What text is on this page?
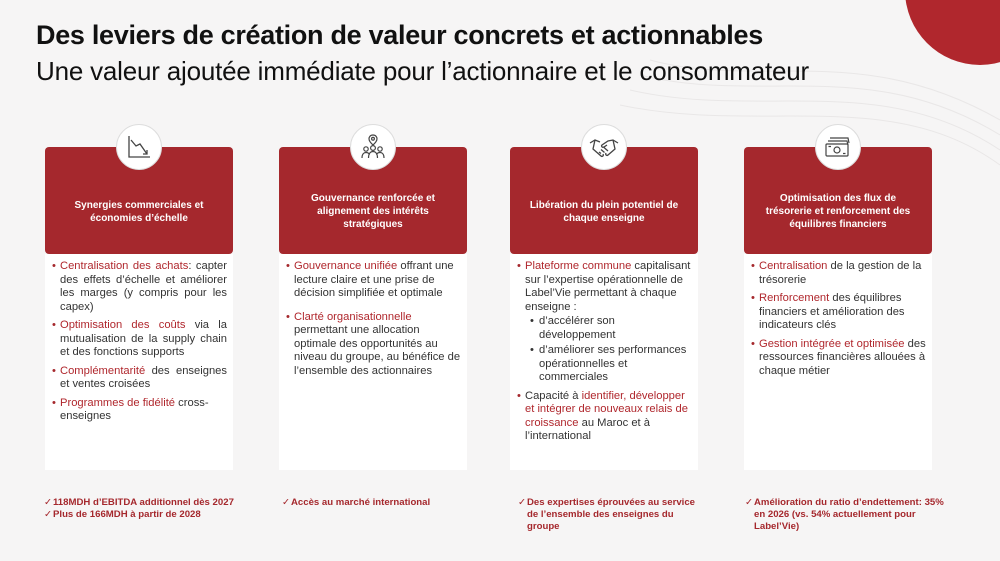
Des leviers de création de valeur concrets et actionnables
Une valeur ajoutée immédiate pour l’actionnaire et le consommateur
Synergies commerciales et économies d’échelle
• Centralisation des achats: capter des effets d’échelle et améliorer les marges (y compris pour les capex)
• Optimisation des coûts via la mutualisation de la supply chain et des fonctions supports
• Complémentarité des enseignes et ventes croisées
• Programmes de fidélité cross-enseignes
Gouvernance renforcée et alignement des intérêts stratégiques
• Gouvernance unifiée offrant une lecture claire et une prise de décision simplifiée et optimale
• Clarté organisationnelle permettant une allocation optimale des opportunités au niveau du groupe, au bénéfice de l’ensemble des actionnaires
Libération du plein potentiel de chaque enseigne
• Plateforme commune capitalisant sur l’expertise opérationnelle de Label’Vie permettant à chaque enseigne :
• d’accélérer son développement
• d’améliorer ses performances opérationnelles et commerciales
• Capacité à identifier, développer et intégrer de nouveaux relais de croissance au Maroc et à l’international
Optimisation des flux de trésorerie et renforcement des équilibres financiers
• Centralisation de la gestion de la trésorerie
• Renforcement des équilibres financiers et amélioration des indicateurs clés
• Gestion intégrée et optimisée des ressources financières allouées à chaque métier
✓ 118MDH d’EBITDA additionnel dès 2027
✓ Plus de 166MDH à partir de 2028
✓ Accès au marché international	✓ Des expertises éprouvées au service de l’ensemble des enseignes du groupe
✓ Amélioration du ratio d’endettement: 35% en 2026 (vs. 54% actuellement pour Label’Vie)
